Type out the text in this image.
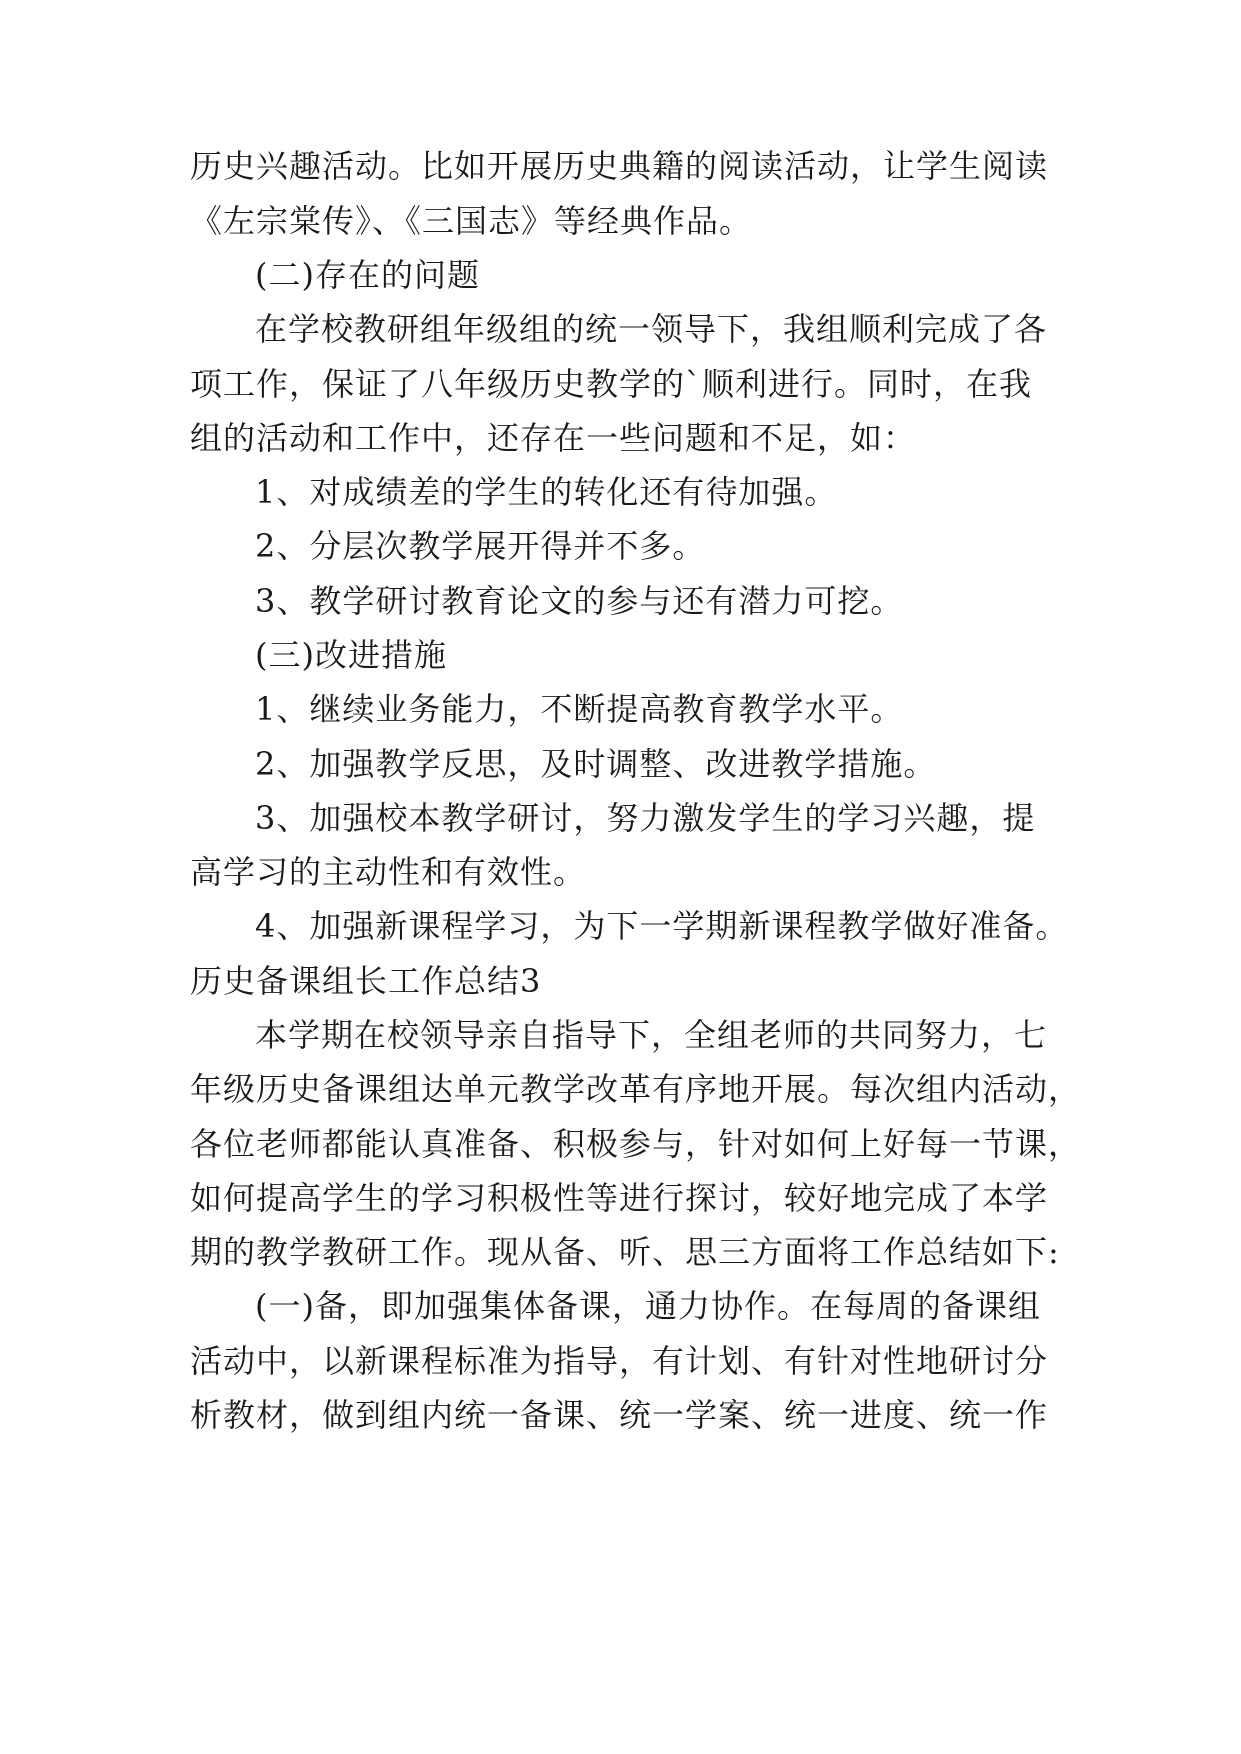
历史兴趣活动。比如开展历史典籍的阅读活动，让学生阅读
《左宗棠传》、《三国志》等经典作品。
(二)存在的问题
在学校教研组年级组的统一领导下，我组顺利完成了各
项工作，保证了八年级历史教学的`顺利进行。同时，在我
组的活动和工作中，还存在一些问题和不足，如：
1、对成绩差的学生的转化还有待加强。
2、分层次教学展开得并不多。
3、教学研讨教育论文的参与还有潜力可挖。
(三)改进措施
1、继续业务能力，不断提高教育教学水平。
2、加强教学反思，及时调整、改进教学措施。
3、加强校本教学研讨，努力激发学生的学习兴趣，提
高学习的主动性和有效性。
4、加强新课程学习，为下一学期新课程教学做好准备。
历史备课组长工作总结3
本学期在校领导亲自指导下，全组老师的共同努力，七
年级历史备课组达单元教学改革有序地开展。每次组内活动，
各位老师都能认真准备、积极参与，针对如何上好每一节课，
如何提高学生的学习积极性等进行探讨，较好地完成了本学
期的教学教研工作。现从备、听、思三方面将工作总结如下:
(一)备，即加强集体备课，通力协作。在每周的备课组
活动中，以新课程标准为指导，有计划、有针对性地研讨分
析教材，做到组内统一备课、统一学案、统一进度、统一作
